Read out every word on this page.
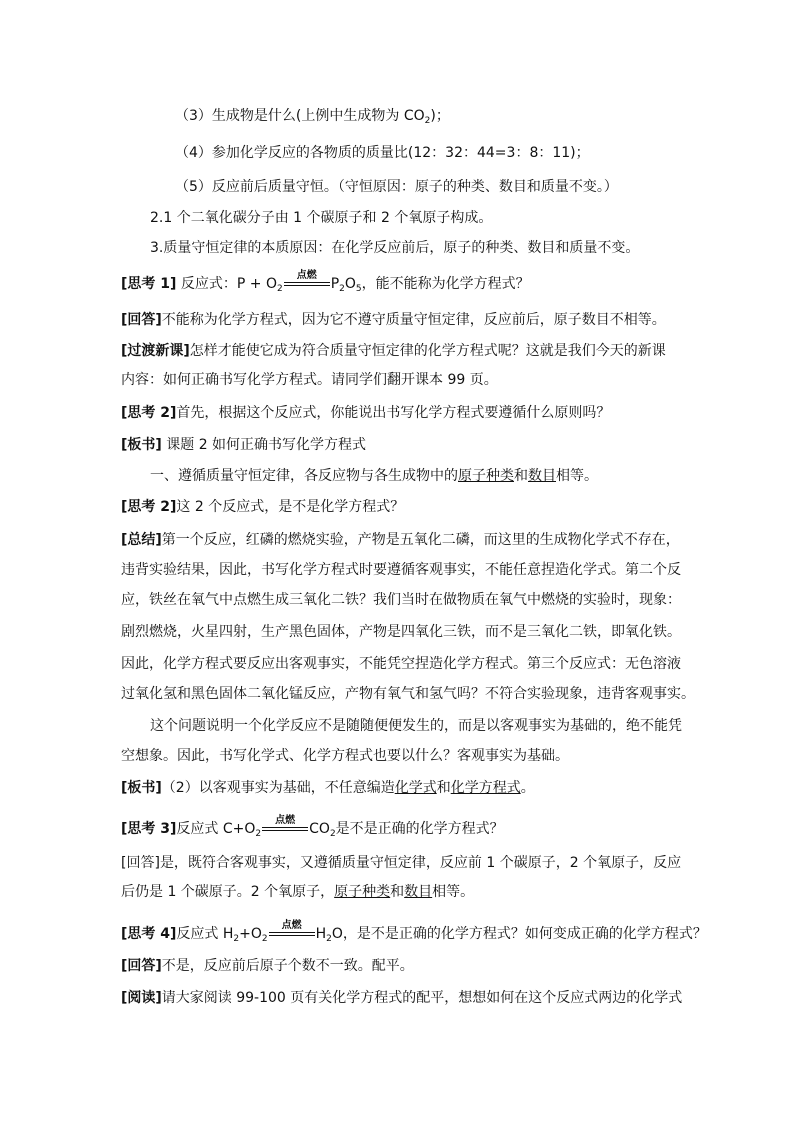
（3）生成物是什么(上例中生成物为 $CO_2$)；
（4）参加化学反应的各物质的质量比(12：32：44=3：8：11)；
（5）反应前后质量守恒。（守恒原因：原子的种类、数目和质量不变。）
2.1 个二氧化碳分子由 1 个碳原子和 2 个氧原子构成。
3.质量守恒定律的本质原因：在化学反应前后，原子的种类、数目和质量不变。
[思考 1] 反应式：$P + O_2$
点燃
$P_2O_5$，能不能称为化学方程式？
[回答]不能称为化学方程式，因为它不遵守质量守恒定律，反应前后，原子数目不相等。
[过渡新课]怎样才能使它成为符合质量守恒定律的化学方程式呢？这就是我们今天的新课
内容：如何正确书写化学方程式。请同学们翻开课本 99 页。
[思考 2]首先，根据这个反应式，你能说出书写化学方程式要遵循什么原则吗？
[板书] 课题 2 如何正确书写化学方程式
一、遵循质量守恒定律，各反应物与各生成物中的原子种类和数目相等。
[思考 2]这 2 个反应式，是不是化学方程式？
[总结]第一个反应，红磷的燃烧实验，产物是五氧化二磷，而这里的生成物化学式不存在，
违背实验结果，因此，书写化学方程式时要遵循客观事实，不能任意捏造化学式。第二个反
应，铁丝在氧气中点燃生成三氧化二铁？我们当时在做物质在氧气中燃烧的实验时，现象：
剧烈燃烧，火星四射，生产黑色固体，产物是四氧化三铁，而不是三氧化二铁，即氧化铁。
因此，化学方程式要反应出客观事实，不能凭空捏造化学方程式。第三个反应式：无色溶液
过氧化氢和黑色固体二氧化锰反应，产物有氧气和氢气吗？不符合实验现象，违背客观事实。
这个问题说明一个化学反应不是随随便便发生的，而是以客观事实为基础的，绝不能凭
空想象。因此，书写化学式、化学方程式也要以什么？客观事实为基础。
[板书]（2）以客观事实为基础，不任意编造化学式和化学方程式。
[思考 3]反应式 $C+O_2$
点燃
$CO_2$是不是正确的化学方程式？
[回答]是，既符合客观事实，又遵循质量守恒定律，反应前 1 个碳原子，2 个氧原子，反应
后仍是 1 个碳原子。2 个氧原子，原子种类和数目相等。
[思考 4]反应式 $H_2+O_2$
点燃
$H_2O$，是不是正确的化学方程式？如何变成正确的化学方程式？
[回答]不是，反应前后原子个数不一致。配平。
[阅读]请大家阅读 99-100 页有关化学方程式的配平，想想如何在这个反应式两边的化学式
